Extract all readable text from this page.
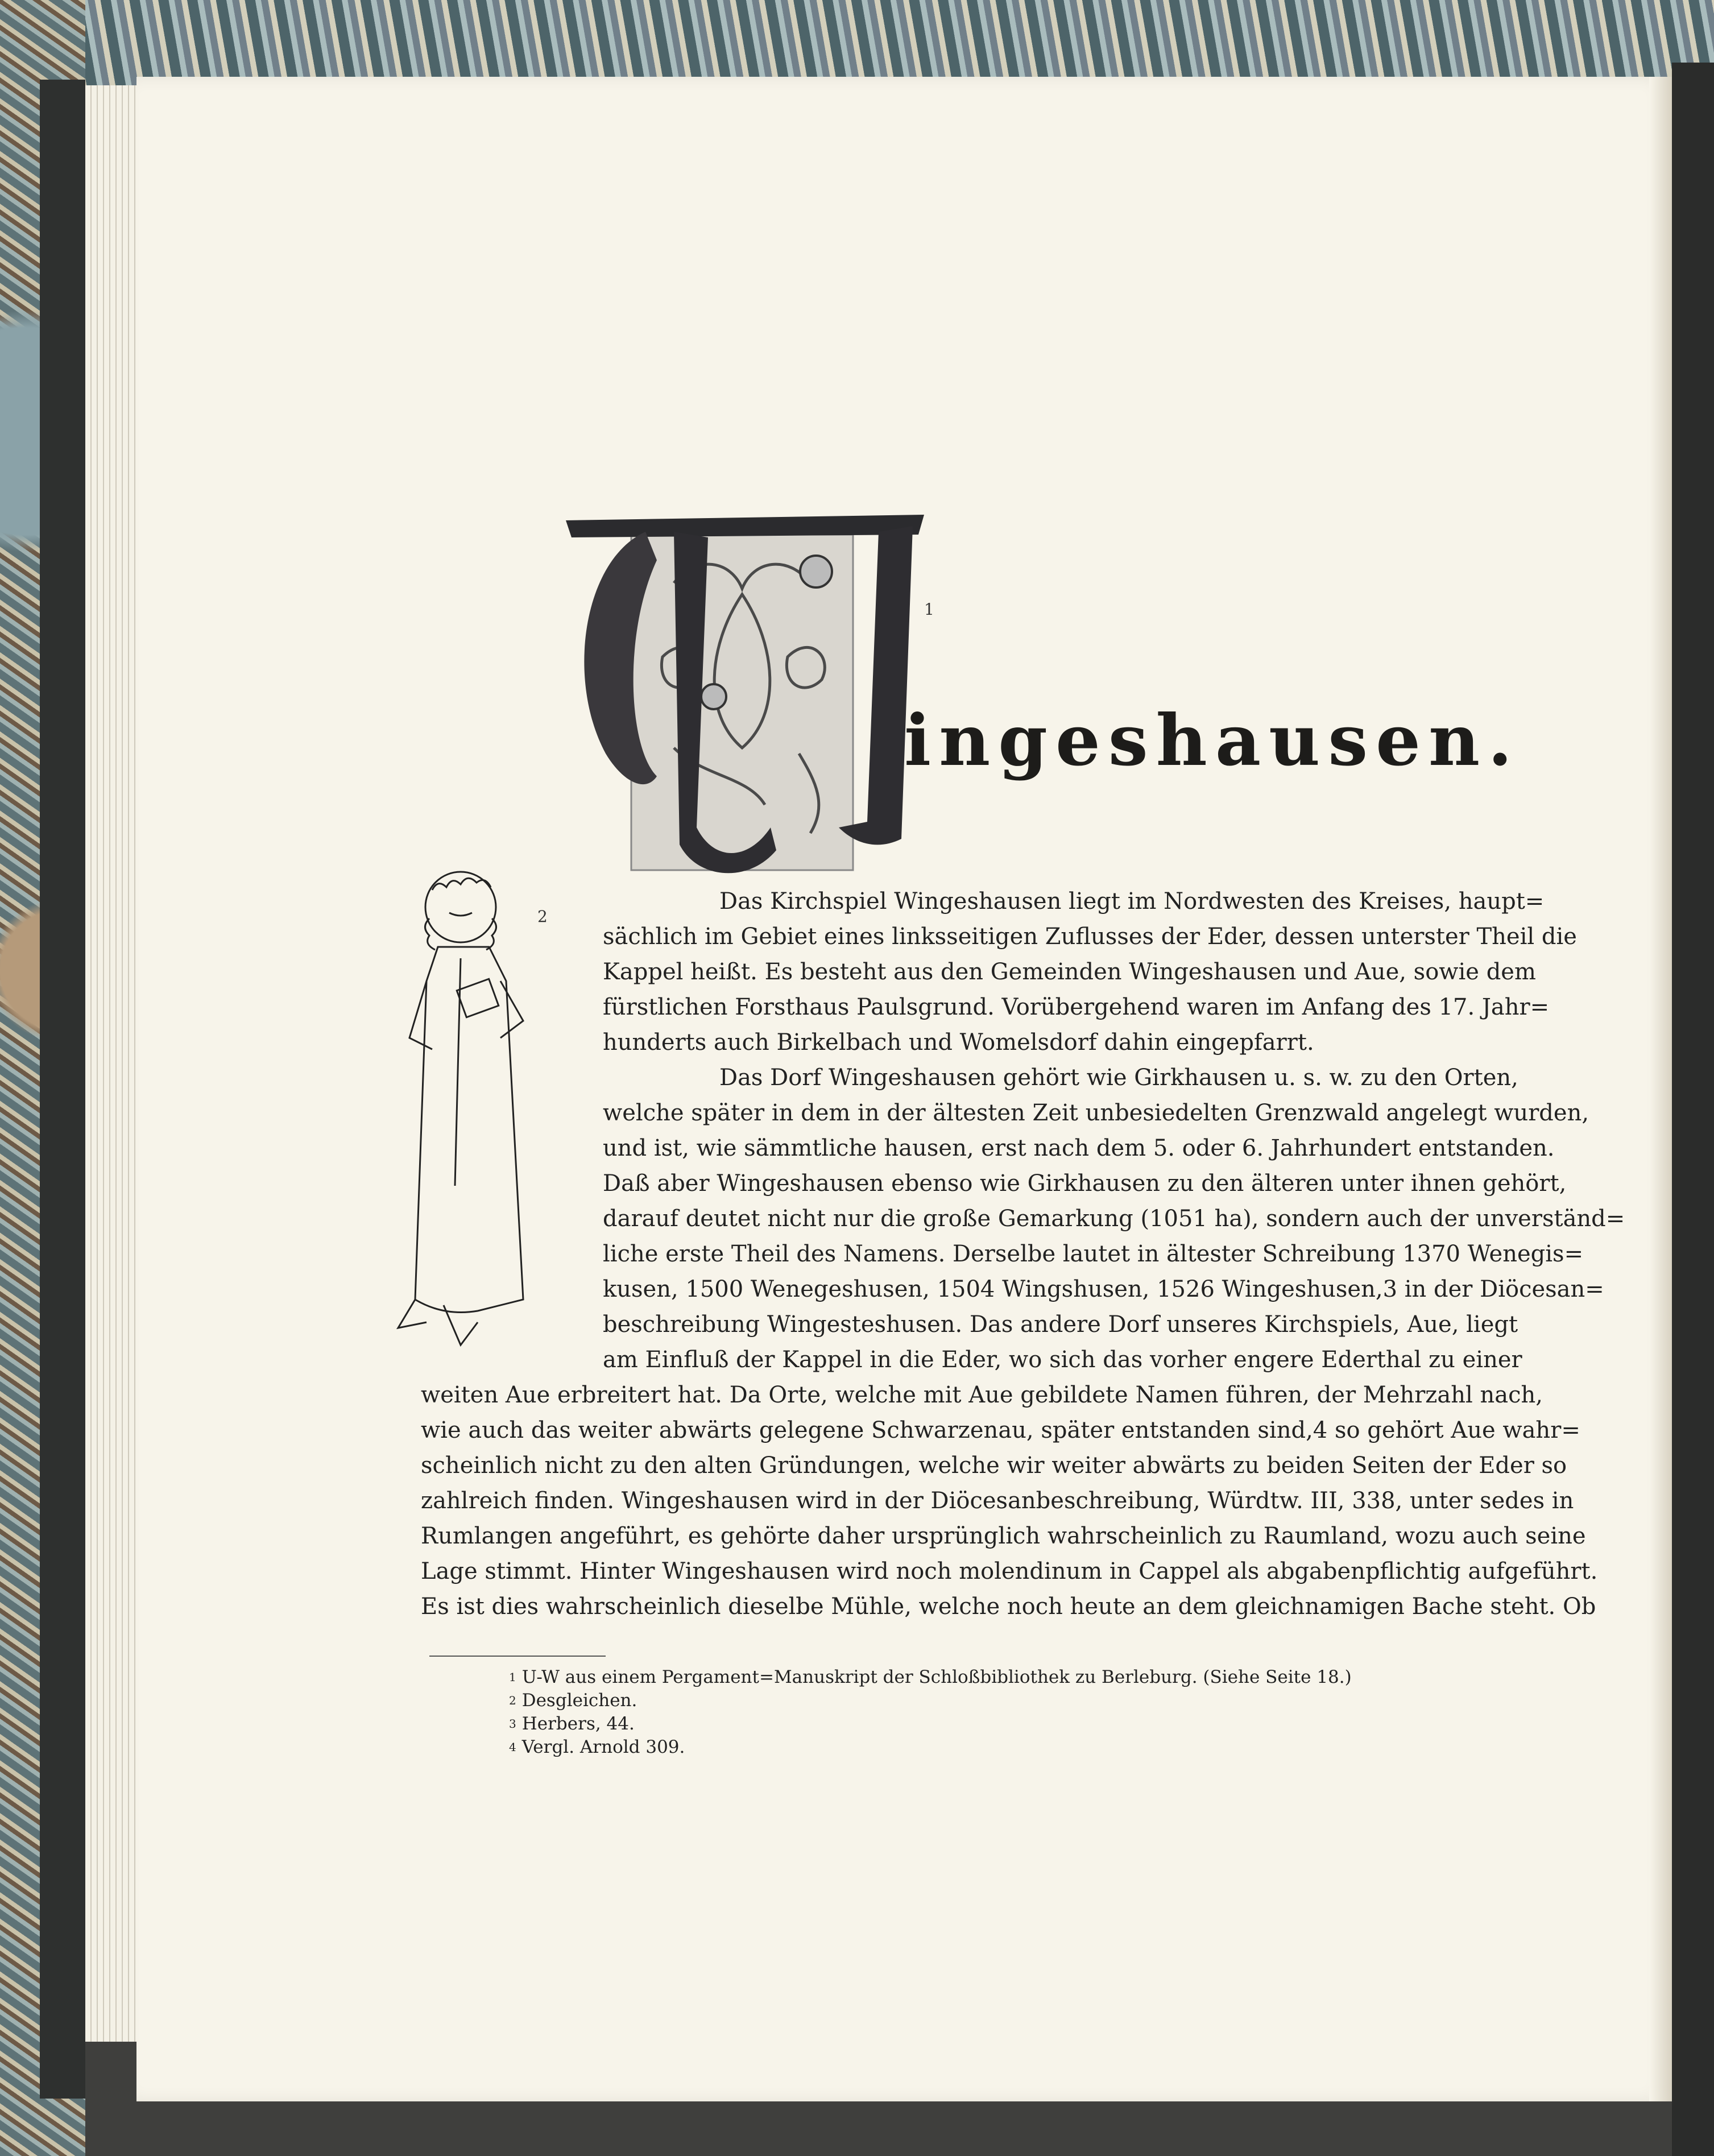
ingeshausen.
1
2
Das Kirchspiel Wingeshausen liegt im Nordwesten des Kreises, haupt=
sächlich im Gebiet eines linksseitigen Zuflusses der Eder, dessen unterster Theil die
Kappel heißt. Es besteht aus den Gemeinden Wingeshausen und Aue, sowie dem
fürstlichen Forsthaus Paulsgrund. Vorübergehend waren im Anfang des 17. Jahr=
hunderts auch Birkelbach und Womelsdorf dahin eingepfarrt.
Das Dorf Wingeshausen gehört wie Girkhausen u. s. w. zu den Orten,
welche später in dem in der ältesten Zeit unbesiedelten Grenzwald angelegt wurden,
und ist, wie sämmtliche hausen, erst nach dem 5. oder 6. Jahrhundert entstanden.
Daß aber Wingeshausen ebenso wie Girkhausen zu den älteren unter ihnen gehört,
darauf deutet nicht nur die große Gemarkung (1051 ha), sondern auch der unverständ=
liche erste Theil des Namens. Derselbe lautet in ältester Schreibung 1370 Wenegis=
kusen, 1500 Wenegeshusen, 1504 Wingshusen, 1526 Wingeshusen,3 in der Diöcesan=
beschreibung Wingesteshusen. Das andere Dorf unseres Kirchspiels, Aue, liegt
am Einfluß der Kappel in die Eder, wo sich das vorher engere Ederthal zu einer
weiten Aue erbreitert hat. Da Orte, welche mit Aue gebildete Namen führen, der Mehrzahl nach,
wie auch das weiter abwärts gelegene Schwarzenau, später entstanden sind,4 so gehört Aue wahr=
scheinlich nicht zu den alten Gründungen, welche wir weiter abwärts zu beiden Seiten der Eder so
zahlreich finden. Wingeshausen wird in der Diöcesanbeschreibung, Würdtw. III, 338, unter sedes in
Rumlangen angeführt, es gehörte daher ursprünglich wahrscheinlich zu Raumland, wozu auch seine
Lage stimmt. Hinter Wingeshausen wird noch molendinum in Cappel als abgabenpflichtig aufgeführt.
Es ist dies wahrscheinlich dieselbe Mühle, welche noch heute an dem gleichnamigen Bache steht. Ob
$^1$ U-W aus einem Pergament=Manuskript der Schloßbibliothek zu Berleburg. (Siehe Seite 18.)
$^2$ Desgleichen.
$^3$ Herbers, 44.
$^4$ Vergl. Arnold 309.
